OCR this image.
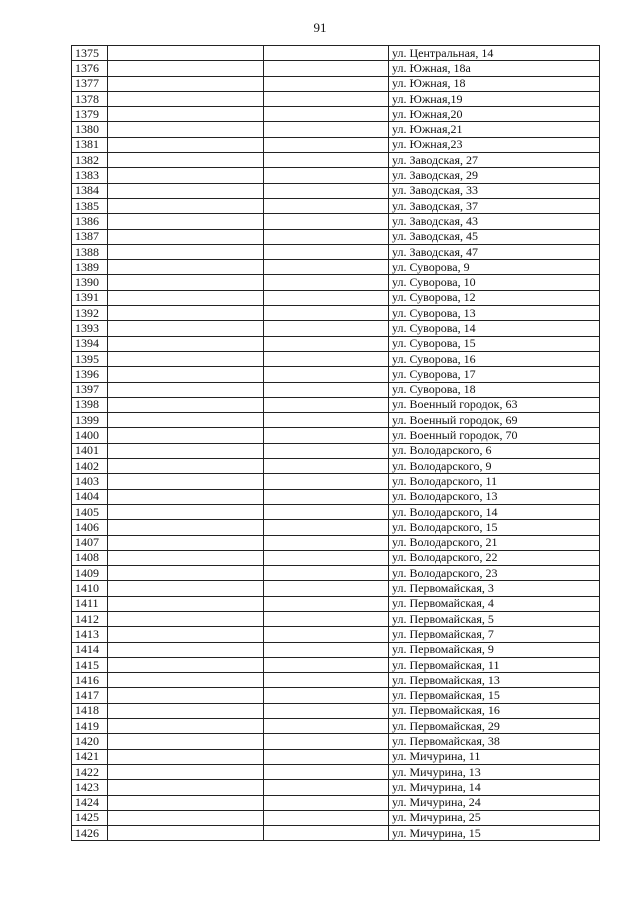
91
1375			ул. Центральная, 14
1376			ул. Южная, 18а
1377			ул. Южная, 18
1378			ул. Южная,19
1379			ул. Южная,20
1380			ул. Южная,21
1381			ул. Южная,23
1382			ул. Заводская, 27
1383			ул. Заводская, 29
1384			ул. Заводская, 33
1385			ул. Заводская, 37
1386			ул. Заводская, 43
1387			ул. Заводская, 45
1388			ул. Заводская, 47
1389			ул. Суворова, 9
1390			ул. Суворова, 10
1391			ул. Суворова, 12
1392			ул. Суворова, 13
1393			ул. Суворова, 14
1394			ул. Суворова, 15
1395			ул. Суворова, 16
1396			ул. Суворова, 17
1397			ул. Суворова, 18
1398			ул. Военный городок, 63
1399			ул. Военный городок, 69
1400			ул. Военный городок, 70
1401			ул. Володарского, 6
1402			ул. Володарского, 9
1403			ул. Володарского, 11
1404			ул. Володарского, 13
1405			ул. Володарского, 14
1406			ул. Володарского, 15
1407			ул. Володарского, 21
1408			ул. Володарского, 22
1409			ул. Володарского, 23
1410			ул. Первомайская, 3
1411			ул. Первомайская, 4
1412			ул. Первомайская, 5
1413			ул. Первомайская, 7
1414			ул. Первомайская, 9
1415			ул. Первомайская, 11
1416			ул. Первомайская, 13
1417			ул. Первомайская, 15
1418			ул. Первомайская, 16
1419			ул. Первомайская, 29
1420			ул. Первомайская, 38
1421			ул. Мичурина, 11
1422			ул. Мичурина, 13
1423			ул. Мичурина, 14
1424			ул. Мичурина, 24
1425			ул. Мичурина, 25
1426			ул. Мичурина, 15
